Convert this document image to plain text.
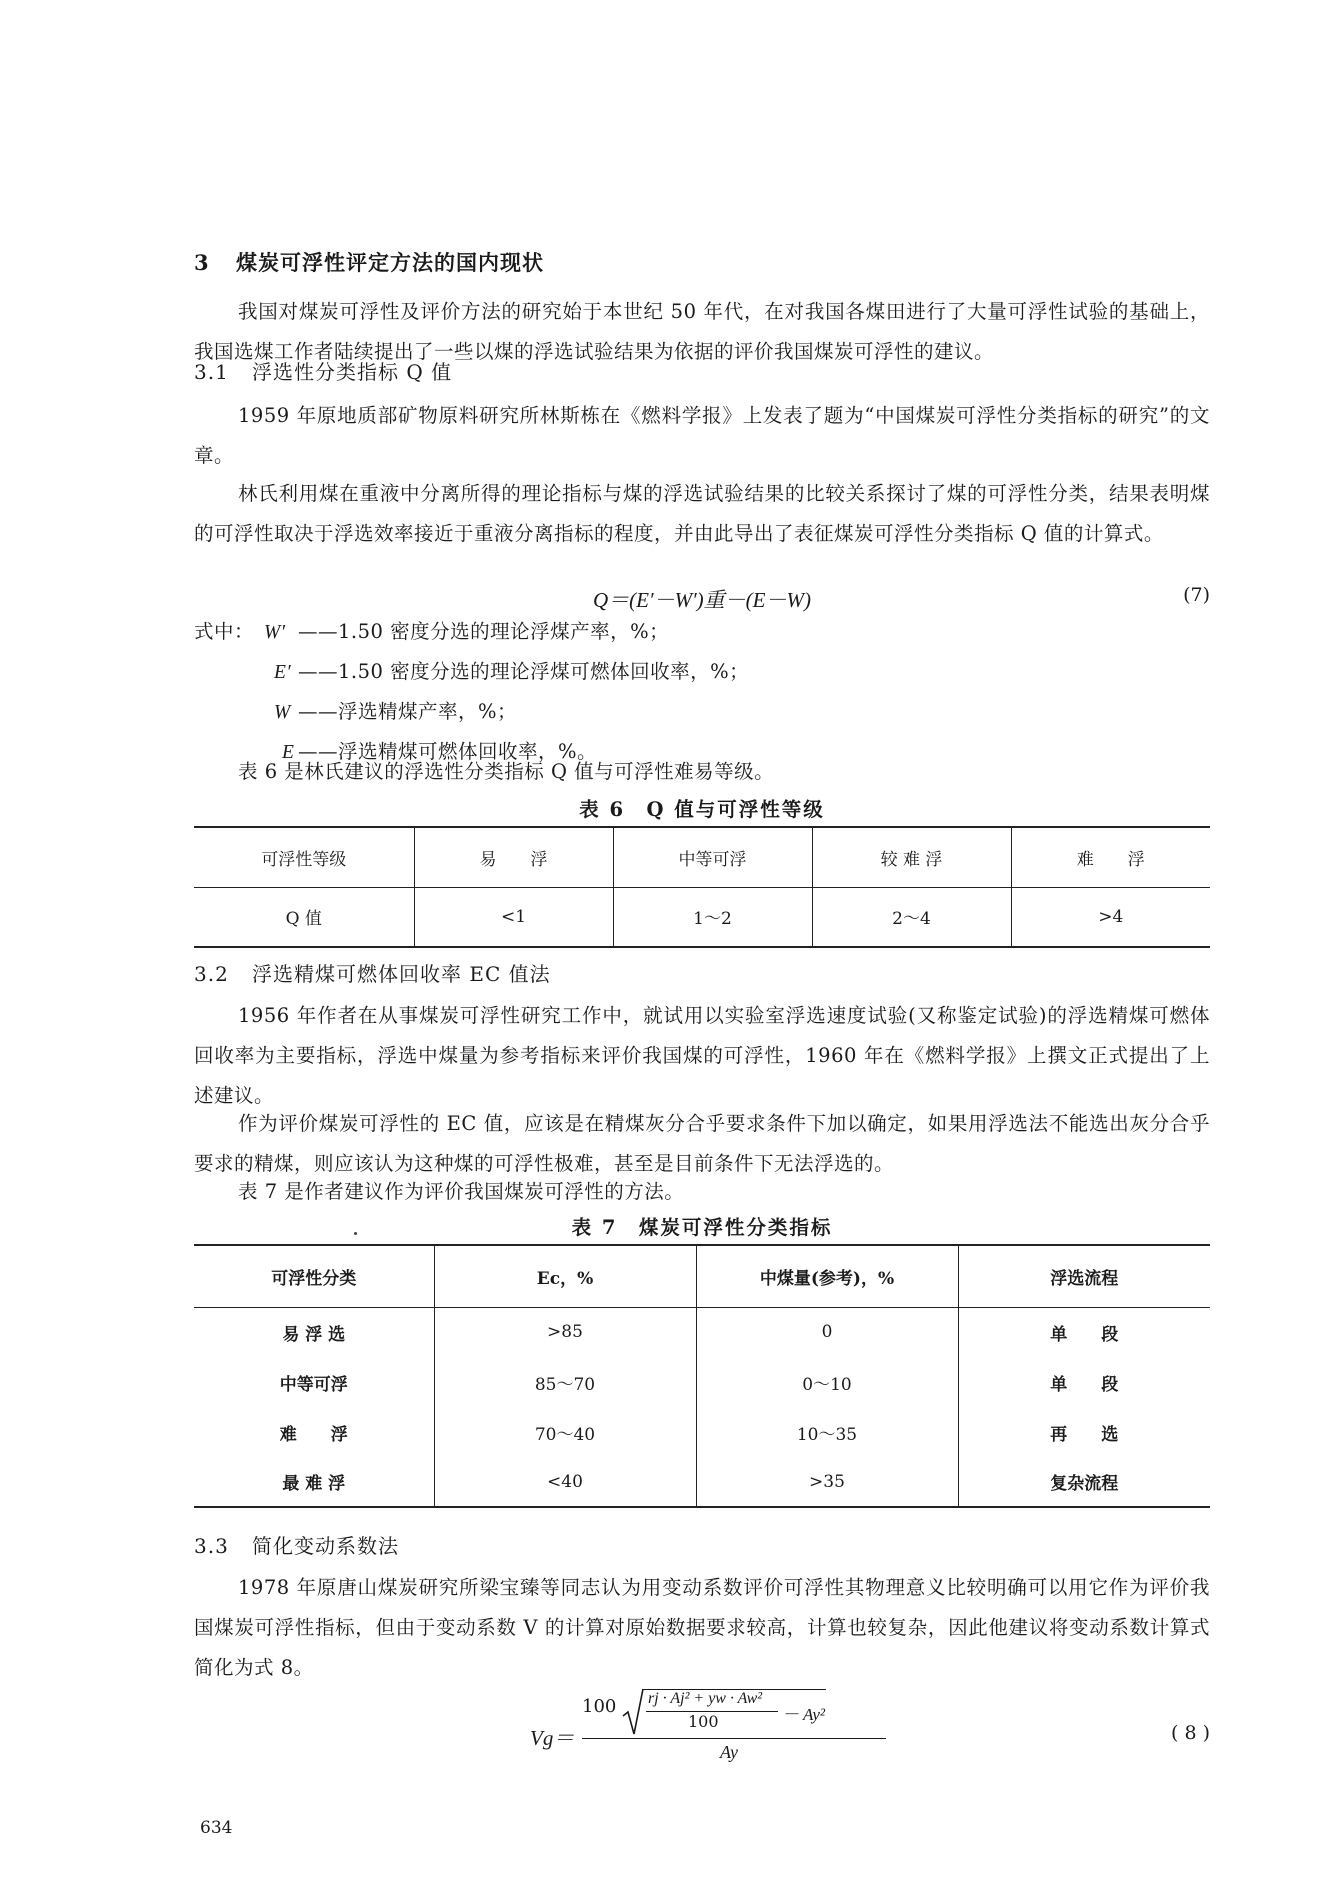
3 煤炭可浮性评定方法的国内现状
我国对煤炭可浮性及评价方法的研究始于本世纪 50 年代，在对我国各煤田进行了大量可浮性试验的基础上，我国选煤工作者陆续提出了一些以煤的浮选试验结果为依据的评价我国煤炭可浮性的建议。
3.1 浮选性分类指标 Q 值
1959 年原地质部矿物原料研究所林斯栋在《燃料学报》上发表了题为“中国煤炭可浮性分类指标的研究”的文章。
林氏利用煤在重液中分离所得的理论指标与煤的浮选试验结果的比较关系探讨了煤的可浮性分类，结果表明煤的可浮性取决于浮选效率接近于重液分离指标的程度，并由此导出了表征煤炭可浮性分类指标 Q 值的计算式。
Q＝(E′－W′)重－(E－W)	(7)
式中： W′ ——1.50 密度分选的理论浮煤产率，%；
E′ ——1.50 密度分选的理论浮煤可燃体回收率，%；
W ——浮选精煤产率，%；
E ——浮选精煤可燃体回收率，%。
表 6 是林氏建议的浮选性分类指标 Q 值与可浮性难易等级。
表 6　Q 值与可浮性等级
可浮性等级	易　　浮	中等可浮	较 难 浮	难　　浮
Q 值	<1	1～2	2～4	>4
3.2 浮选精煤可燃体回收率 EC 值法
1956 年作者在从事煤炭可浮性研究工作中，就试用以实验室浮选速度试验(又称鉴定试验)的浮选精煤可燃体回收率为主要指标，浮选中煤量为参考指标来评价我国煤的可浮性，1960 年在《燃料学报》上撰文正式提出了上述建议。
作为评价煤炭可浮性的 EC 值，应该是在精煤灰分合乎要求条件下加以确定，如果用浮选法不能选出灰分合乎要求的精煤，则应该认为这种煤的可浮性极难，甚至是目前条件下无法浮选的。
表 7 是作者建议作为评价我国煤炭可浮性的方法。
表 7　煤炭可浮性分类指标
可浮性分类	Ec，%	中煤量(参考)，%	浮选流程
易 浮 选	>85	0	单　　段
中等可浮	85～70	0～10	单　　段
难　　浮	70～40	10～35	再　　选
最 难 浮	<40	>35	复杂流程
3.3 简化变动系数法
1978 年原唐山煤炭研究所梁宝臻等同志认为用变动系数评价可浮性其物理意义比较明确可以用它作为评价我国煤炭可浮性指标，但由于变动系数 V 的计算对原始数据要求较高，计算也较复杂，因此他建议将变动系数计算式简化为式 8。
Vg＝
100 rj · Aj² + yw · Aw²
100	－ Ay²
Ay
( 8 )
634
